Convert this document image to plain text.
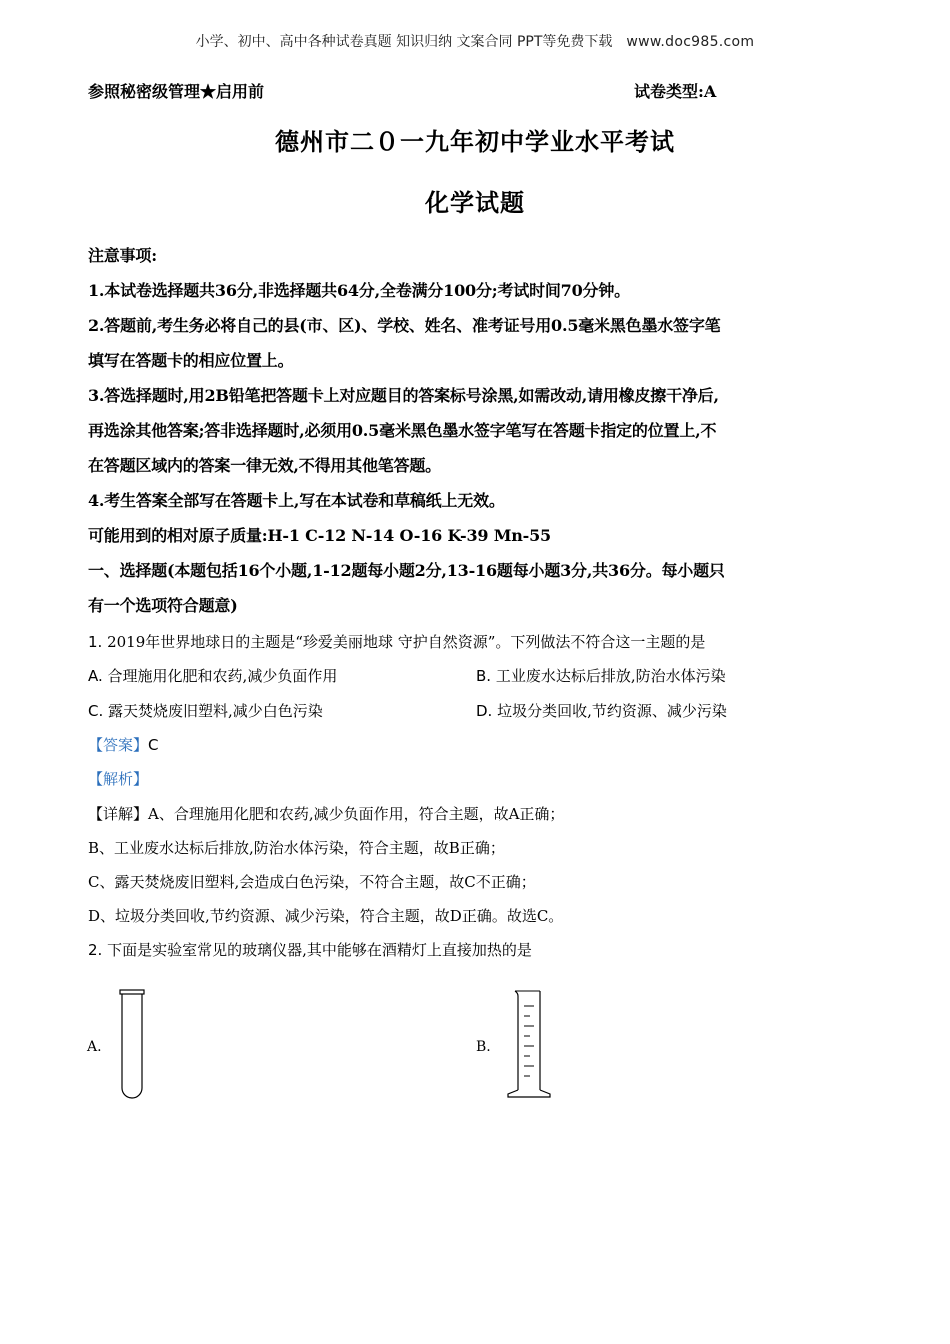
小学、初中、高中各种试卷真题 知识归纳 文案合同 PPT等免费下载 www.doc985.com
参照秘密级管理★启用前	试卷类型:A
德州市二０一九年初中学业水平考试
化学试题
注意事项:
1.本试卷选择题共36分,非选择题共64分,全卷满分100分;考试时间70分钟。
2.答题前,考生务必将自己的县(市、区)、学校、姓名、准考证号用0.5毫米黑色墨水签字笔
填写在答题卡的相应位置上。
3.答选择题时,用2B铅笔把答题卡上对应题目的答案标号涂黑,如需改动,请用橡皮擦干净后,
再选涂其他答案;答非选择题时,必须用0.5毫米黑色墨水签字笔写在答题卡指定的位置上,不
在答题区域内的答案一律无效,不得用其他笔答题。
4.考生答案全部写在答题卡上,写在本试卷和草稿纸上无效。
可能用到的相对原子质量:H-1 C-12 N-14 O-16 K-39 Mn-55
一、选择题(本题包括16个小题,1-12题每小题2分,13-16题每小题3分,共36分。每小题只
有一个选项符合题意)
1. 2019年世界地球日的主题是“珍爱美丽地球 守护自然资源”。下列做法不符合这一主题的是
A. 合理施用化肥和农药,减少负面作用	B. 工业废水达标后排放,防治水体污染
C. 露天焚烧废旧塑料,减少白色污染	D. 垃圾分类回收,节约资源、减少污染
【答案】C
【解析】
【详解】A、合理施用化肥和农药,减少负面作用，符合主题，故A正确；
B、工业废水达标后排放,防治水体污染，符合主题，故B正确；
C、露天焚烧废旧塑料,会造成白色污染，不符合主题，故C不正确；
D、垃圾分类回收,节约资源、减少污染，符合主题，故D正确。故选C。
2. 下面是实验室常见的玻璃仪器,其中能够在酒精灯上直接加热的是
A.	B.
